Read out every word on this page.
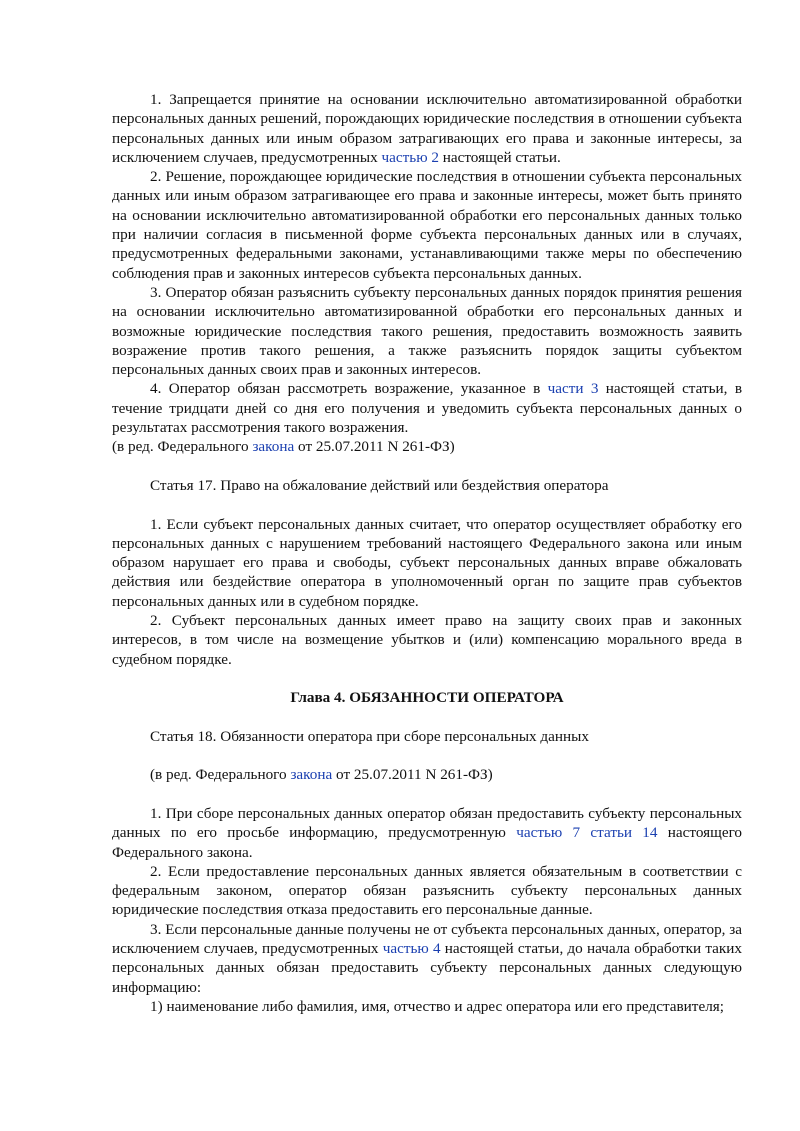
1. Запрещается принятие на основании исключительно автоматизированной обработки персональных данных решений, порождающих юридические последствия в отношении субъекта персональных данных или иным образом затрагивающих его права и законные интересы, за исключением случаев, предусмотренных частью 2 настоящей статьи.

2. Решение, порождающее юридические последствия в отношении субъекта персональных данных или иным образом затрагивающее его права и законные интересы, может быть принято на основании исключительно автоматизированной обработки его персональных данных только при наличии согласия в письменной форме субъекта персональных данных или в случаях, предусмотренных федеральными законами, устанавливающими также меры по обеспечению соблюдения прав и законных интересов субъекта персональных данных.

3. Оператор обязан разъяснить субъекту персональных данных порядок принятия решения на основании исключительно автоматизированной обработки его персональных данных и возможные юридические последствия такого решения, предоставить возможность заявить возражение против такого решения, а также разъяснить порядок защиты субъектом персональных данных своих прав и законных интересов.

4. Оператор обязан рассмотреть возражение, указанное в части 3 настоящей статьи, в течение тридцати дней со дня его получения и уведомить субъекта персональных данных о результатах рассмотрения такого возражения.

(в ред. Федерального закона от 25.07.2011 N 261-ФЗ)

Статья 17. Право на обжалование действий или бездействия оператора

1. Если субъект персональных данных считает, что оператор осуществляет обработку его персональных данных с нарушением требований настоящего Федерального закона или иным образом нарушает его права и свободы, субъект персональных данных вправе обжаловать действия или бездействие оператора в уполномоченный орган по защите прав субъектов персональных данных или в судебном порядке.

2. Субъект персональных данных имеет право на защиту своих прав и законных интересов, в том числе на возмещение убытков и (или) компенсацию морального вреда в судебном порядке.

Глава 4. ОБЯЗАННОСТИ ОПЕРАТОРА

Статья 18. Обязанности оператора при сборе персональных данных

(в ред. Федерального закона от 25.07.2011 N 261-ФЗ)

1. При сборе персональных данных оператор обязан предоставить субъекту персональных данных по его просьбе информацию, предусмотренную частью 7 статьи 14 настоящего Федерального закона.

2. Если предоставление персональных данных является обязательным в соответствии с федеральным законом, оператор обязан разъяснить субъекту персональных данных юридические последствия отказа предоставить его персональные данные.

3. Если персональные данные получены не от субъекта персональных данных, оператор, за исключением случаев, предусмотренных частью 4 настоящей статьи, до начала обработки таких персональных данных обязан предоставить субъекту персональных данных следующую информацию:

1) наименование либо фамилия, имя, отчество и адрес оператора или его представителя;
